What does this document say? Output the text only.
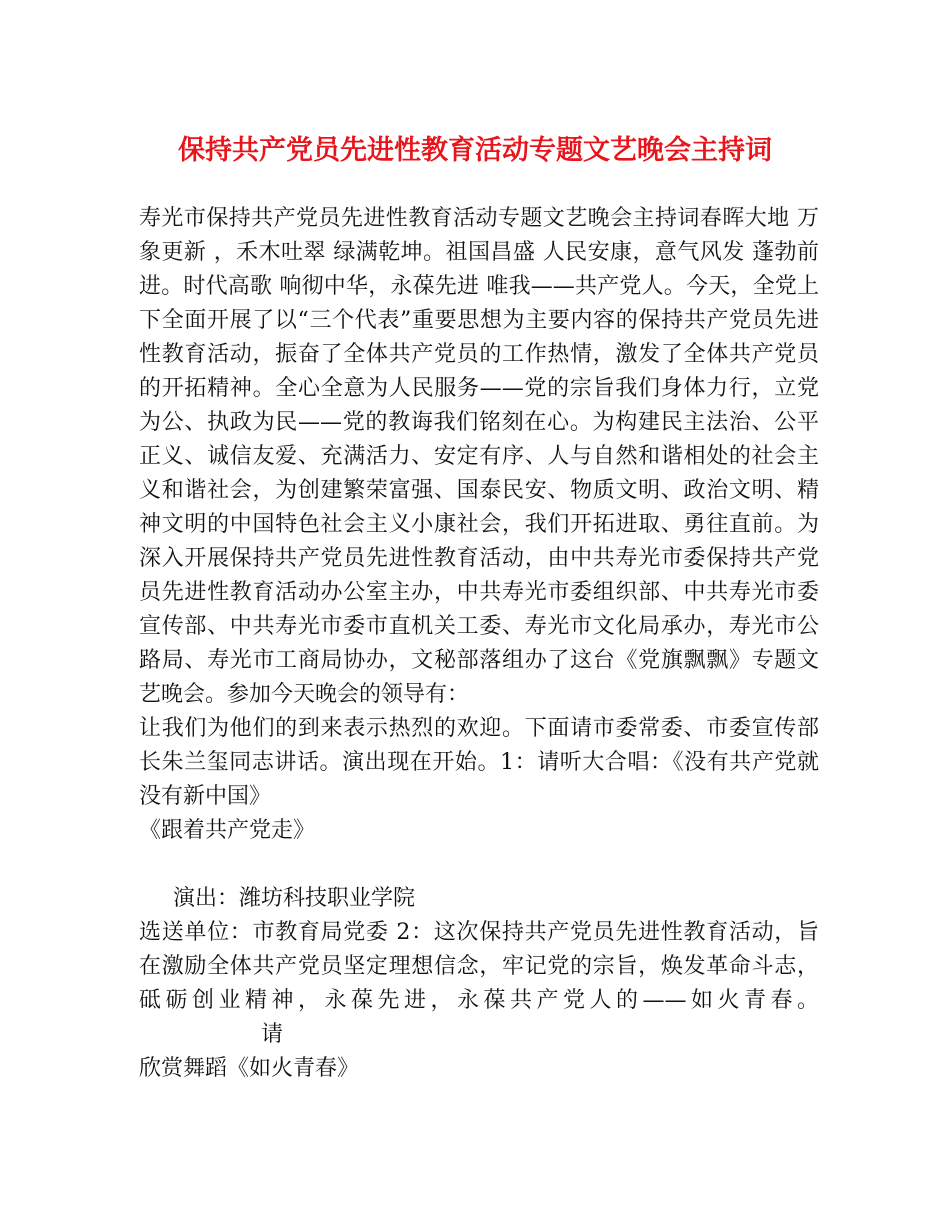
保持共产党员先进性教育活动专题文艺晚会主持词

寿光市保持共产党员先进性教育活动专题文艺晚会主持词春晖大地 万象更新 ，禾木吐翠 绿满乾坤。祖国昌盛 人民安康，意气风发 蓬勃前进。时代高歌 响彻中华，永葆先进 唯我——共产党人。今天，全党上下全面开展了以“三个代表”重要思想为主要内容的保持共产党员先进性教育活动，振奋了全体共产党员的工作热情，激发了全体共产党员的开拓精神。全心全意为人民服务——党的宗旨我们身体力行，立党为公、执政为民——党的教诲我们铭刻在心。为构建民主法治、公平正义、诚信友爱、充满活力、安定有序、人与自然和谐相处的社会主义和谐社会，为创建繁荣富强、国泰民安、物质文明、政治文明、精神文明的中国特色社会主义小康社会，我们开拓进取、勇往直前。为深入开展保持共产党员先进性教育活动，由中共寿光市委保持共产党员先进性教育活动办公室主办，中共寿光市委组织部、中共寿光市委宣传部、中共寿光市委市直机关工委、寿光市文化局承办，寿光市公路局、寿光市工商局协办，文秘部落组办了这台《党旗飘飘》专题文艺晚会。参加今天晚会的领导有：

让我们为他们的到来表示热烈的欢迎。下面请市委常委、市委宣传部长朱兰玺同志讲话。演出现在开始。1：请听大合唱：《没有共产党就没有新中国》

《跟着共产党走》

演出：潍坊科技职业学院

选送单位：市教育局党委 2：这次保持共产党员先进性教育活动，旨在激励全体共产党员坚定理想信念，牢记党的宗旨，焕发革命斗志，砥砺创业精神，永葆先进，永葆共产党人的——如火青春。请

欣赏舞蹈《如火青春》
